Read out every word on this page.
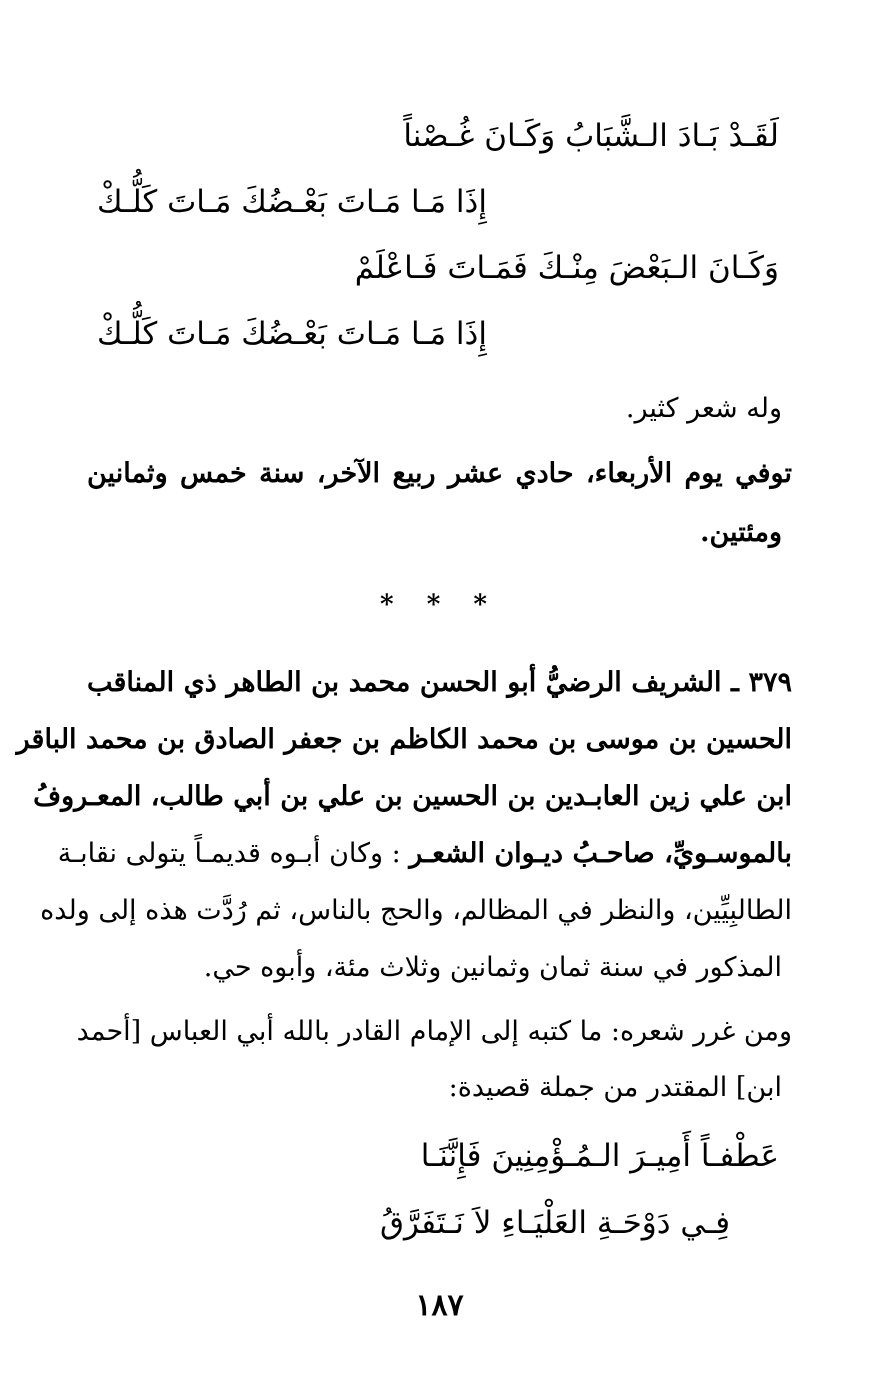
لَقَـدْ بَـادَ الـشَّبَابُ وَكَـانَ غُـصْناً
إِذَا مَـا مَـاتَ بَعْـضُكَ مَـاتَ كَلُّـكْ
وَكَـانَ الـبَعْضَ مِنْـكَ فَمَـاتَ فَـاعْلَمْ
إِذَا مَـا مَـاتَ بَعْـضُكَ مَـاتَ كَلُّـكْ
وله شعر كثير.
توفي يوم الأربعاء، حادي عشر ربيع الآخر، سنة خمس وثمانين
ومئتين.
* * *
٣٧٩ ـ الشريف الرضيُّ أبو الحسن محمد بن الطاهر ذي المناقب
الحسين بن موسى بن محمد الكاظم بن جعفر الصادق بن محمد الباقر
ابن علي زين العابـدين بن الحسين بن علي بن أبي طالب، المعـروفُ
بالموسـويِّ، صاحـبُ ديـوان الشعـر : وكان أبـوه قديمـاً يتولى نقابـة
الطالبِيِّين، والنظر في المظالم، والحج بالناس، ثم رُدَّت هذه إلى ولده
المذكور في سنة ثمان وثمانين وثلاث مئة، وأبوه حي.
ومن غرر شعره: ما كتبه إلى الإمام القادر بالله أبي العباس [أحمد
ابن] المقتدر من جملة قصيدة:
عَطْفـاً أَمِيـرَ الـمُـؤْمِنِينَ فَإِنَّنَـا
فِـي دَوْحَـةِ العَلْيَـاءِ لاَ نَـتَفَرَّقُ
١٨٧
